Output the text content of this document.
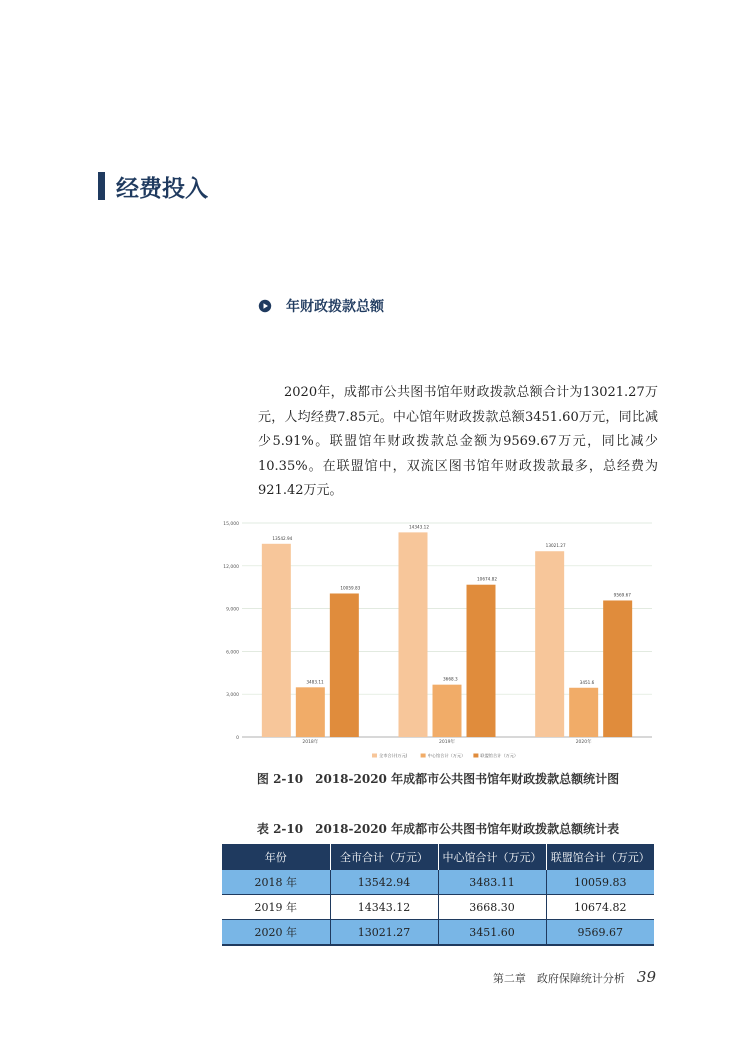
经费投入
年财政拨款总额

2020年，成都市公共图书馆年财政拨款总额合计为13021.27万元，人均经费7.85元。中心馆年财政拨款总额3451.60万元，同比减少5.91%。联盟馆年财政拨款总金额为9569.67万元，同比减少10.35%。在联盟馆中，双流区图书馆年财政拨款最多，总经费为921.42万元。

0
3,000
6,000
9,000
12,000
15,000
13542.94
3483.11
10059.83
14343.12
3668.3
10674.82
13021.27
3451.6
9569.67
2018年	2019年	2020年
全市合计(万元)	中心馆合计（万元）	联盟馆合计（万元）
图 2-10　2018-2020 年成都市公共图书馆年财政拨款总额统计图
表 2-10　2018-2020 年成都市公共图书馆年财政拨款总额统计表
年份	全市合计（万元）	中心馆合计（万元）	联盟馆合计（万元）
2018 年	13542.94	3483.11	10059.83
2019 年	14343.12	3668.30	10674.82
2020 年	13021.27	3451.60	9569.67
第二章　政府保障统计分析 39
